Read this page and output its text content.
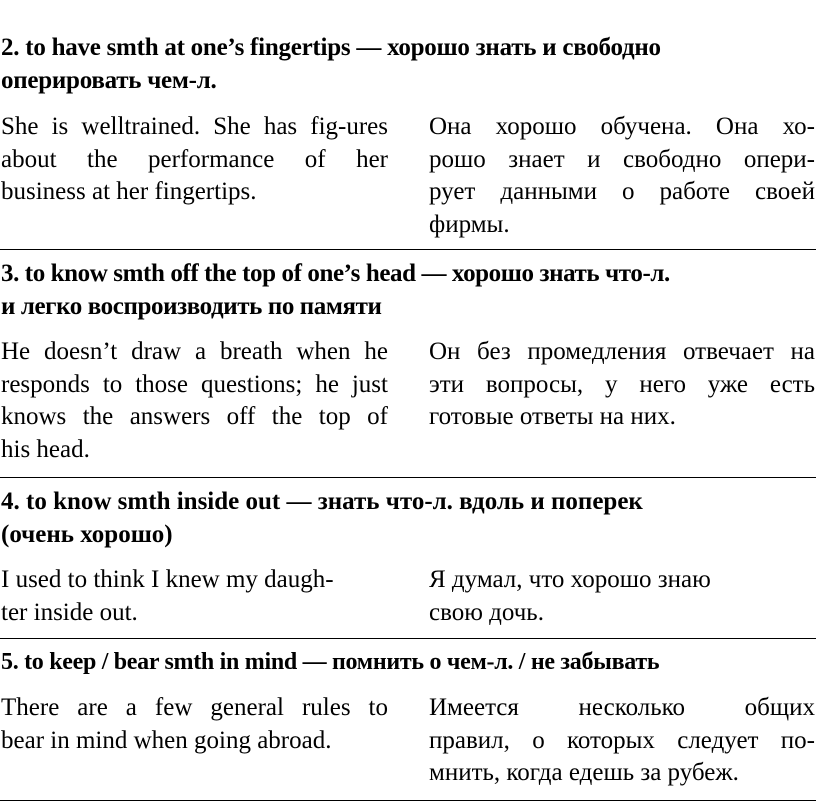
2. to have smth at one’s fingertips — хорошо знать и свободно
оперировать чем-л.
She is welltrained. She has fig-ures
about the performance of her
business at her fingertips.
Она хорошо обучена. Она хо-
рошо знает и свободно опери-
рует данными о работе своей
фирмы.
3. to know smth off the top of one’s head — хорошо знать что-л.
и легко воспроизводить по памяти
He doesn’t draw a breath when he
responds to those questions; he just
knows the answers off the top of
his head.
Он без промедления отвечает на
эти вопросы, у него уже есть
готовые ответы на них.
4. to know smth inside out — знать что-л. вдоль и поперек
(очень хорошо)
I used to think I knew my daugh-
ter inside out.
Я думал, что хорошо знаю
свою дочь.
5. to keep / bear smth in mind — помнить о чем-л. / не забывать
There are a few general rules to
bear in mind when going abroad.
Имеется несколько общих
правил, о которых следует по-
мнить, когда едешь за рубеж.
